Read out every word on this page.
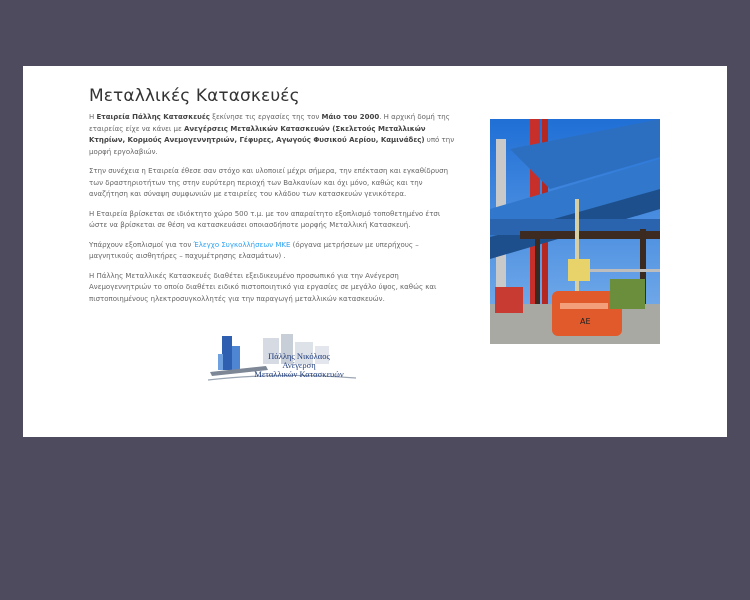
Μεταλλικές Κατασκευές

Η Εταιρεία Πάλλης Κατασκευές ξεκίνησε τις εργασίες της τον Μάιο του 2000. Η αρχική δομή της εταιρείας είχε να κάνει με Ανεγέρσεις Μεταλλικών Κατασκευών (Σκελετούς Μεταλλικών Κτηρίων, Κορμούς Ανεμογεννητριών, Γέφυρες, Αγωγούς Φυσικού Αερίου, Καμινάδες) υπό την μορφή εργολαβιών.

Στην συνέχεια η Εταιρεία έθεσε σαν στόχο και υλοποιεί μέχρι σήμερα, την επέκταση και εγκαθίδρυση των δραστηριοτήτων της στην ευρύτερη περιοχή των Βαλκανίων και όχι μόνο, καθώς και την αναζήτηση και σύναψη συμφωνιών με εταιρείες του κλάδου των κατασκευών γενικότερα.

Η Εταιρεία βρίσκεται σε ιδιόκτητο χώρο 500 τ.μ. με τον απαραίτητο εξοπλισμό τοποθετημένο έτσι ώστε να βρίσκεται σε θέση να κατασκευάσει οποιασδήποτε μορφής Μεταλλική Κατασκευή.

Υπάρχουν εξοπλισμοί για τον Έλεγχο Συγκολλήσεων ΜΚΕ (όργανα μετρήσεων με υπερήχους – μαγνητικούς αισθητήρες – παχυμέτρησης ελασμάτων) .

Η Πάλλης Μεταλλικές Κατασκευές διαθέτει εξειδικευμένο προσωπικό για την Ανέγερση Ανεμογεννητριών το οποίο διαθέτει ειδικό πιστοποιητικό για εργασίες σε μεγάλο ύψος, καθώς και πιστοποιημένους ηλεκτροσυγκολλητές για την παραγωγή μεταλλικών κατασκευών.

Πάλλης Νικόλαος
Ανέγερση
Μεταλλικών Κατασκευών
AE
